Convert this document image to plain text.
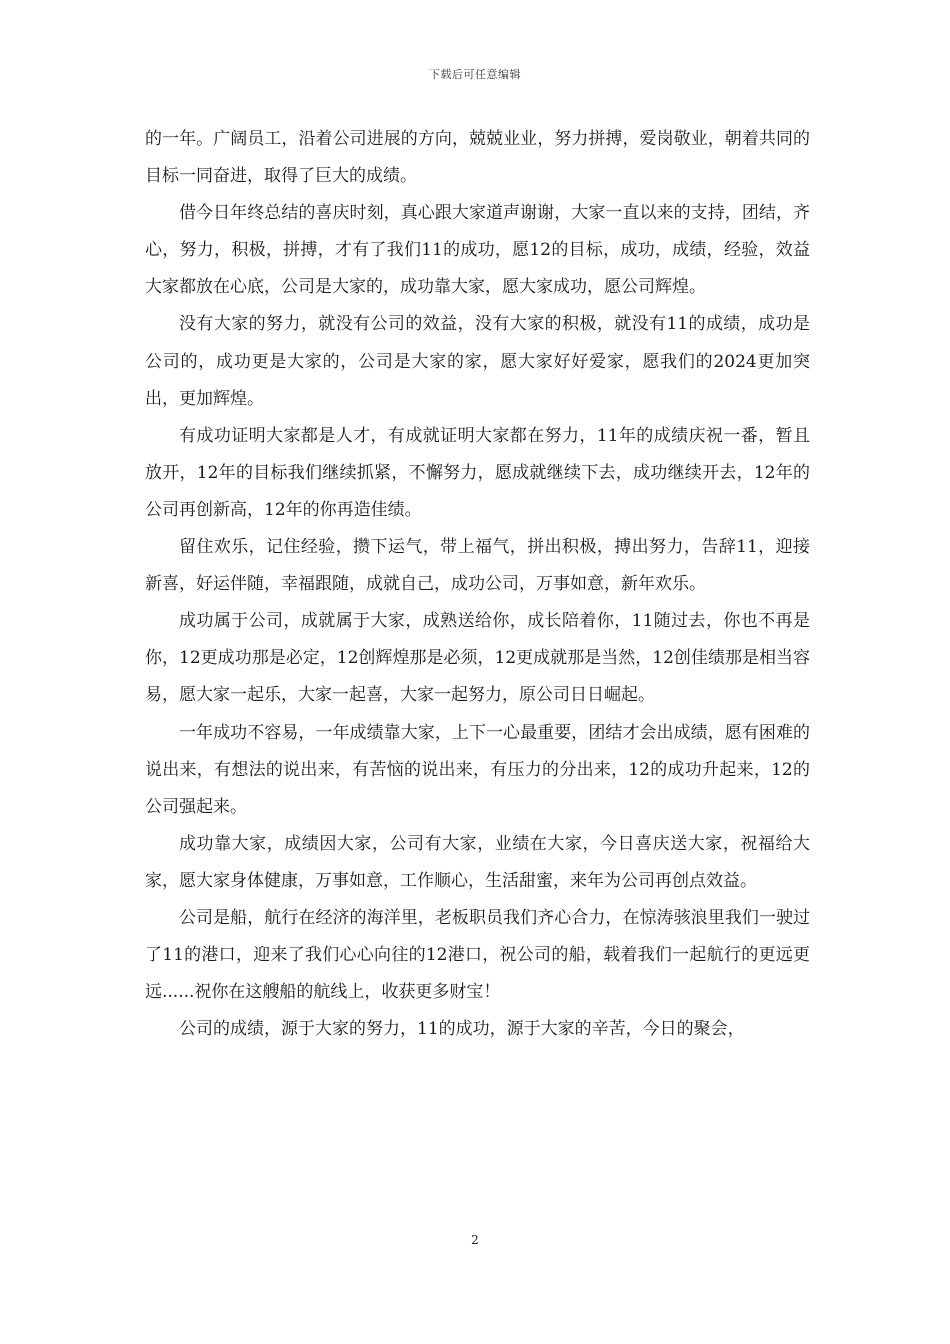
下载后可任意编辑

的一年。广阔员工，沿着公司进展的方向，兢兢业业，努力拼搏，爱岗敬业，朝着共同的目标一同奋进，取得了巨大的成绩。

借今日年终总结的喜庆时刻，真心跟大家道声谢谢，大家一直以来的支持，团结，齐心，努力，积极，拼搏，才有了我们11的成功，愿12的目标，成功，成绩，经验，效益大家都放在心底，公司是大家的，成功靠大家，愿大家成功，愿公司辉煌。

没有大家的努力，就没有公司的效益，没有大家的积极，就没有11的成绩，成功是公司的，成功更是大家的，公司是大家的家，愿大家好好爱家，愿我们的2024更加突出，更加辉煌。

有成功证明大家都是人才，有成就证明大家都在努力，11年的成绩庆祝一番，暂且放开，12年的目标我们继续抓紧，不懈努力，愿成就继续下去，成功继续开去，12年的公司再创新高，12年的你再造佳绩。

留住欢乐，记住经验，攒下运气，带上福气，拼出积极，搏出努力，告辞11，迎接新喜，好运伴随，幸福跟随，成就自己，成功公司，万事如意，新年欢乐。

成功属于公司，成就属于大家，成熟送给你，成长陪着你，11随过去，你也不再是你，12更成功那是必定，12创辉煌那是必须，12更成就那是当然，12创佳绩那是相当容易，愿大家一起乐，大家一起喜，大家一起努力，原公司日日崛起。

一年成功不容易，一年成绩靠大家，上下一心最重要，团结才会出成绩，愿有困难的说出来，有想法的说出来，有苦恼的说出来，有压力的分出来，12的成功升起来，12的公司强起来。

成功靠大家，成绩因大家，公司有大家，业绩在大家，今日喜庆送大家，祝福给大家，愿大家身体健康，万事如意，工作顺心，生活甜蜜，来年为公司再创点效益。

公司是船，航行在经济的海洋里，老板职员我们齐心合力，在惊涛骇浪里我们一驶过了11的港口，迎来了我们心心向往的12港口，祝公司的船，载着我们一起航行的更远更远......祝你在这艘船的航线上，收获更多财宝！

公司的成绩，源于大家的努力，11的成功，源于大家的辛苦，今日的聚会，

2
